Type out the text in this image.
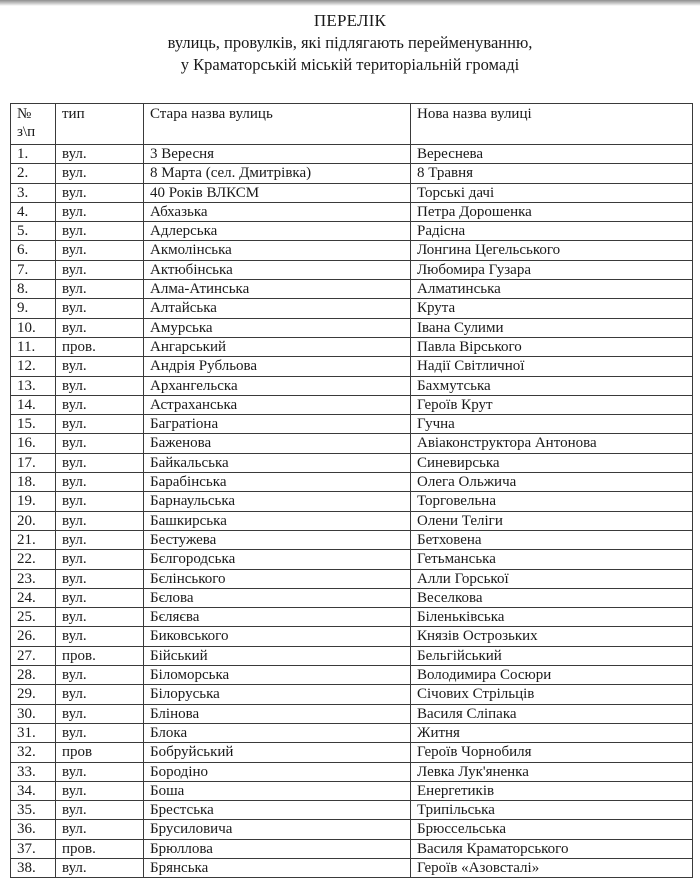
ПЕРЕЛІК
вулиць, провулків, які підлягають перейменуванню,
у Краматорській міській територіальній громаді
№
з\п	тип	Стара назва вулиць	Нова назва вулиці
1.	вул.	3 Вересня	Вереснева
2.	вул.	8 Марта (сел. Дмитрівка)	8 Травня
3.	вул.	40 Років ВЛКСМ	Торські дачі
4.	вул.	Абхазька	Петра Дорошенка
5.	вул.	Адлерська	Радісна
6.	вул.	Акмолінська	Лонгина Цегельського
7.	вул.	Актюбінська	Любомира Гузара
8.	вул.	Алма-Атинська	Алматинська
9.	вул.	Алтайська	Крута
10.	вул.	Амурська	Івана Сулими
11.	пров.	Ангарський	Павла Вірського
12.	вул.	Андрія Рубльова	Надії Світличної
13.	вул.	Архангельска	Бахмутська
14.	вул.	Астраханська	Героїв Крут
15.	вул.	Багратіона	Гучна
16.	вул.	Баженова	Авіаконструктора Антонова
17.	вул.	Байкальська	Синевирська
18.	вул.	Барабінська	Олега Ольжича
19.	вул.	Барнаульська	Торговельна
20.	вул.	Башкирська	Олени Теліги
21.	вул.	Бестужева	Бетховена
22.	вул.	Бєлгородська	Гетьманська
23.	вул.	Бєлінського	Алли Горської
24.	вул.	Бєлова	Веселкова
25.	вул.	Бєляєва	Біленьківська
26.	вул.	Биковського	Князів Острозьких
27.	пров.	Бійський	Бельгійський
28.	вул.	Біломорська	Володимира Сосюри
29.	вул.	Білоруська	Січових Стрільців
30.	вул.	Блінова	Василя Сліпака
31.	вул.	Блока	Житня
32.	пров	Бобруйський	Героїв Чорнобиля
33.	вул.	Бородіно	Левка Лук'яненка
34.	вул.	Боша	Енергетиків
35.	вул.	Брестська	Трипільська
36.	вул.	Брусиловича	Брюссельська
37.	пров.	Брюллова	Василя Краматорського
38.	вул.	Брянська	Героїв «Азовсталі»
